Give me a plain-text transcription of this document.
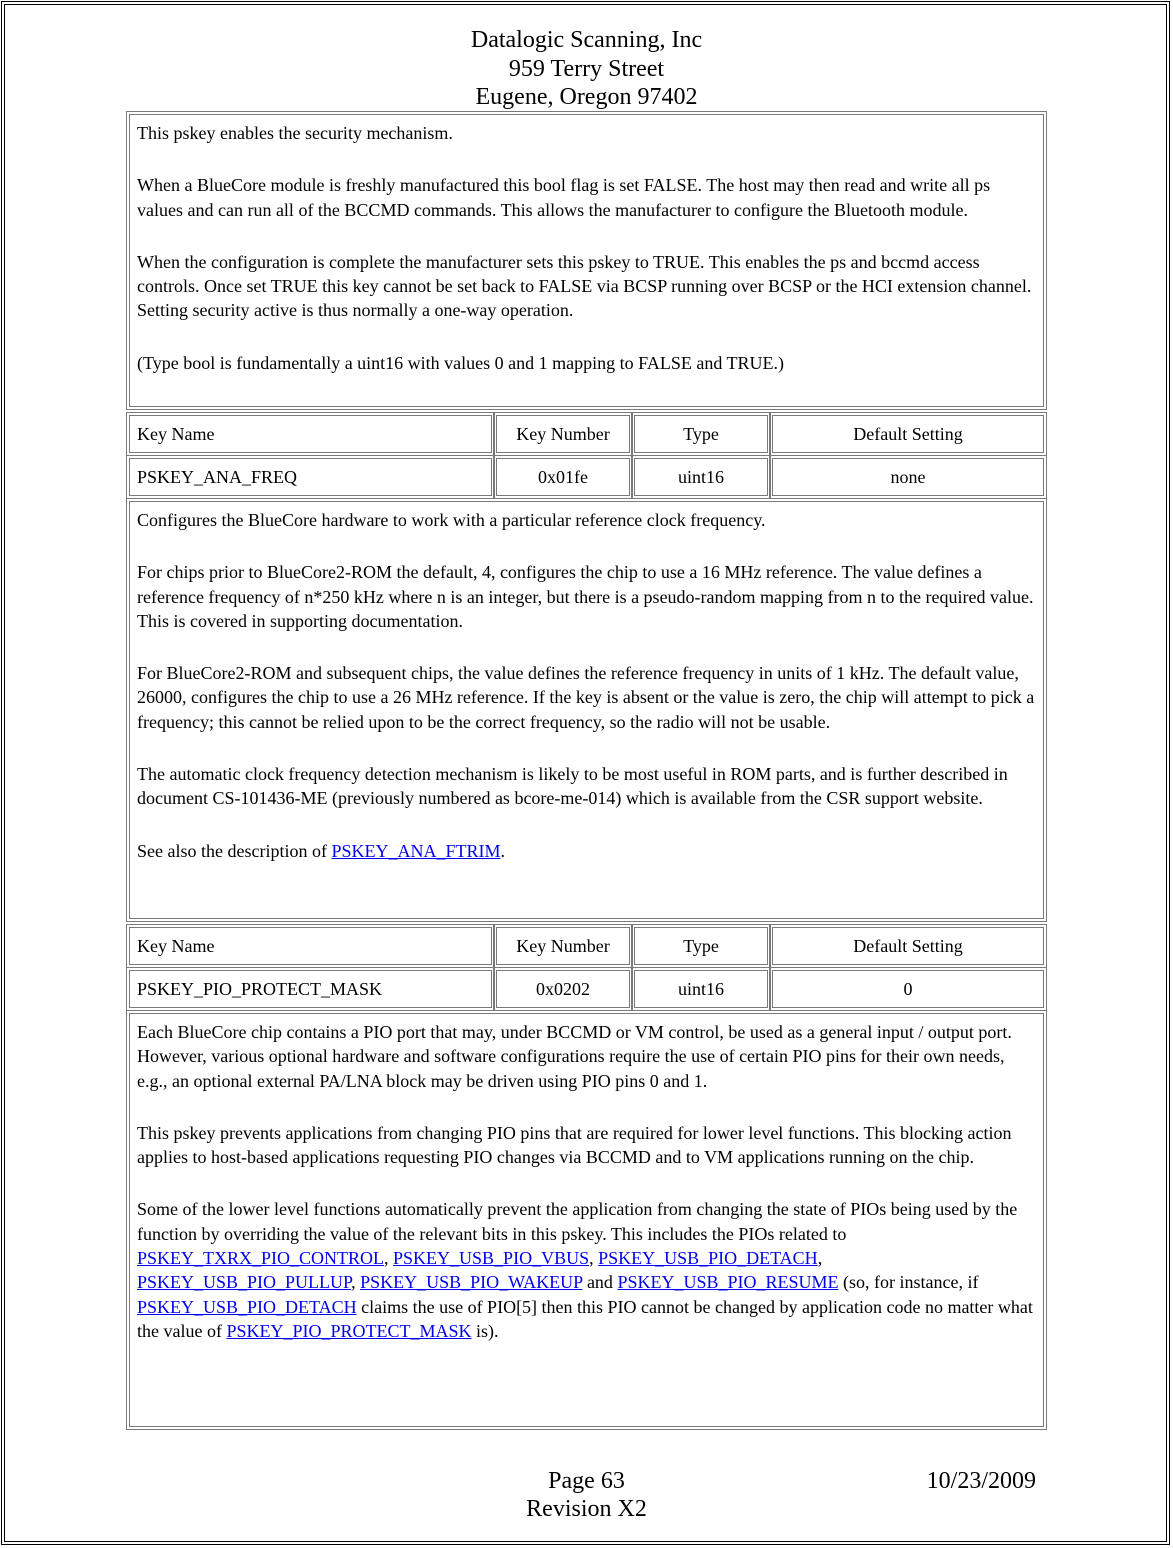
Datalogic Scanning, Inc
959 Terry Street
Eugene, Oregon 97402

This pskey enables the security mechanism.

When a BlueCore module is freshly manufactured this bool flag is set FALSE. The host may then read and write all ps values and can run all of the BCCMD commands. This allows the manufacturer to configure the Bluetooth module.

When the configuration is complete the manufacturer sets this pskey to TRUE. This enables the ps and bccmd access controls. Once set TRUE this key cannot be set back to FALSE via BCSP running over BCSP or the HCI extension channel. Setting security active is thus normally a one-way operation.

(Type bool is fundamentally a uint16 with values 0 and 1 mapping to FALSE and TRUE.)

Key Name	Key Number	Type	Default Setting
PSKEY_ANA_FREQ	0x01fe	uint16	none

Configures the BlueCore hardware to work with a particular reference clock frequency.

For chips prior to BlueCore2-ROM the default, 4, configures the chip to use a 16 MHz reference. The value defines a reference frequency of n*250 kHz where n is an integer, but there is a pseudo-random mapping from n to the required value. This is covered in supporting documentation.

For BlueCore2-ROM and subsequent chips, the value defines the reference frequency in units of 1 kHz. The default value, 26000, configures the chip to use a 26 MHz reference. If the key is absent or the value is zero, the chip will attempt to pick a frequency; this cannot be relied upon to be the correct frequency, so the radio will not be usable.

The automatic clock frequency detection mechanism is likely to be most useful in ROM parts, and is further described in document CS-101436-ME (previously numbered as bcore-me-014) which is available from the CSR support website.

See also the description of PSKEY_ANA_FTRIM.

Key Name	Key Number	Type	Default Setting
PSKEY_PIO_PROTECT_MASK	0x0202	uint16	0

Each BlueCore chip contains a PIO port that may, under BCCMD or VM control, be used as a general input / output port. However, various optional hardware and software configurations require the use of certain PIO pins for their own needs, e.g., an optional external PA/LNA block may be driven using PIO pins 0 and 1.

This pskey prevents applications from changing PIO pins that are required for lower level functions. This blocking action applies to host-based applications requesting PIO changes via BCCMD and to VM applications running on the chip.

Some of the lower level functions automatically prevent the application from changing the state of PIOs being used by the function by overriding the value of the relevant bits in this pskey. This includes the PIOs related to PSKEY_TXRX_PIO_CONTROL, PSKEY_USB_PIO_VBUS, PSKEY_USB_PIO_DETACH, PSKEY_USB_PIO_PULLUP, PSKEY_USB_PIO_WAKEUP and PSKEY_USB_PIO_RESUME (so, for instance, if PSKEY_USB_PIO_DETACH claims the use of PIO[5] then this PIO cannot be changed by application code no matter what the value of PSKEY_PIO_PROTECT_MASK is).

Page 63	10/23/2009
Revision X2
